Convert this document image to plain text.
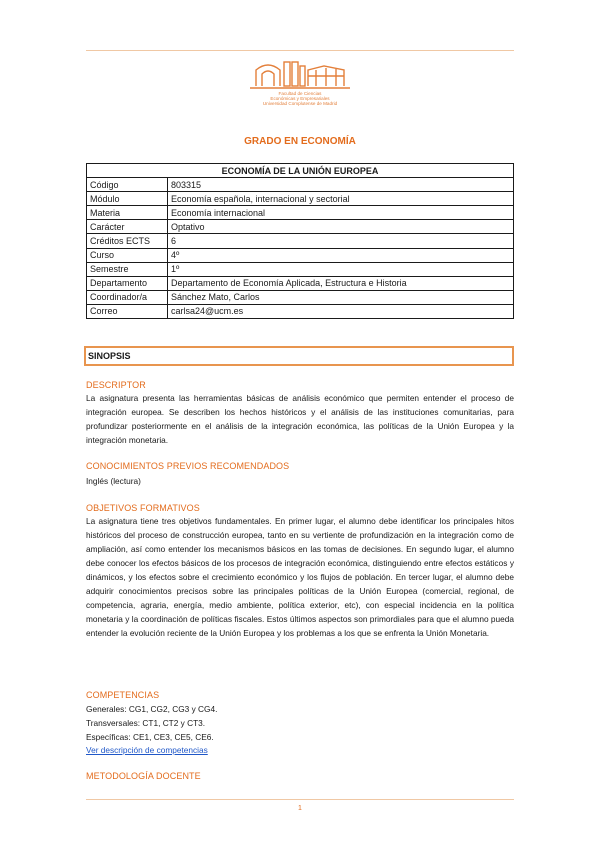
Facultad de Ciencias
Económicas y Empresariales
Universidad Complutense de Madrid
GRADO EN ECONOMÍA
ECONOMÍA DE LA UNIÓN EUROPEA	
Código	803315
Módulo	Economía española, internacional y sectorial
Materia	Economía internacional
Carácter	Optativo
Créditos ECTS	6
Curso	4º
Semestre	1º
Departamento	Departamento de Economía Aplicada, Estructura e Historia
Coordinador/a	Sánchez Mato, Carlos
Correo	carlsa24@ucm.es
SINOPSIS
DESCRIPTOR
La asignatura presenta las herramientas básicas de análisis económico que permiten entender el proceso de integración europea. Se describen los hechos históricos y el análisis de las instituciones comunitarias, para profundizar posteriormente en el análisis de la integración económica, las políticas de la Unión Europea y la integración monetaria.
CONOCIMIENTOS PREVIOS RECOMENDADOS
Inglés (lectura)
OBJETIVOS FORMATIVOS
La asignatura tiene tres objetivos fundamentales. En primer lugar, el alumno debe identificar los principales hitos históricos del proceso de construcción europea, tanto en su vertiente de profundización en la integración como de ampliación, así como entender los mecanismos básicos en las tomas de decisiones. En segundo lugar, el alumno debe conocer los efectos básicos de los procesos de integración económica, distinguiendo entre efectos estáticos y dinámicos, y los efectos sobre el crecimiento económico y los flujos de población. En tercer lugar, el alumno debe adquirir conocimientos precisos sobre las principales políticas de la Unión Europea (comercial, regional, de competencia, agraria, energía, medio ambiente, política exterior, etc), con especial incidencia en la política monetaria y la coordinación de políticas fiscales. Estos últimos aspectos son primordiales para que el alumno pueda entender la evolución reciente de la Unión Europea y los problemas a los que se enfrenta la Unión Monetaria.
COMPETENCIAS
Generales: CG1, CG2, CG3 y CG4.
Transversales: CT1, CT2 y CT3.
Específicas: CE1, CE3, CE5, CE6.
Ver descripción de competencias
METODOLOGÍA DOCENTE
1
